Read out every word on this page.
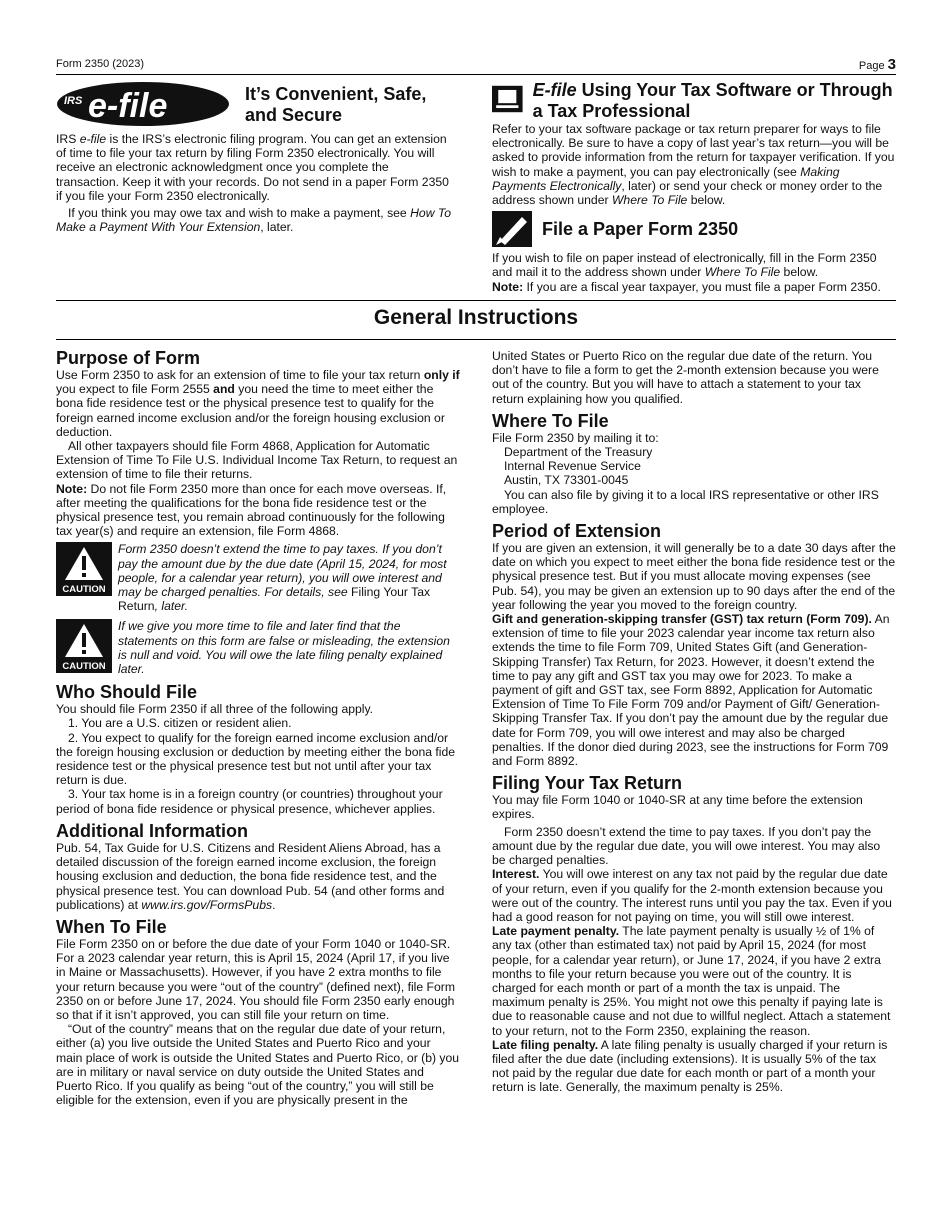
Form 2350 (2023)	Page 3
IRS e-file	It’s Convenient, Safe, and Secure

IRS e-file is the IRS’s electronic filing program. You can get an extension of time to file your tax return by filing Form 2350 electronically. You will receive an electronic acknowledgment once you complete the transaction. Keep it with your records. Do not send in a paper Form 2350 if you file your Form 2350 electronically.

If you think you may owe tax and wish to make a payment, see How To Make a Payment With Your Extension, later.

E-file Using Your Tax Software or Through a Tax Professional

Refer to your tax software package or tax return preparer for ways to file electronically. Be sure to have a copy of last year’s tax return—you will be asked to provide information from the return for taxpayer verification. If you wish to make a payment, you can pay electronically (see Making Payments Electronically, later) or send your check or money order to the address shown under Where To File below.

File a Paper Form 2350

If you wish to file on paper instead of electronically, fill in the Form 2350 and mail it to the address shown under Where To File below.

Note: If you are a fiscal year taxpayer, you must file a paper Form 2350.

General Instructions
Purpose of Form

Use Form 2350 to ask for an extension of time to file your tax return only if you expect to file Form 2555 and you need the time to meet either the bona fide residence test or the physical presence test to qualify for the foreign earned income exclusion and/or the foreign housing exclusion or deduction.

All other taxpayers should file Form 4868, Application for Automatic Extension of Time To File U.S. Individual Income Tax Return, to request an extension of time to file their returns.

Note: Do not file Form 2350 more than once for each move overseas. If, after meeting the qualifications for the bona fide residence test or the physical presence test, you remain abroad continuously for the following tax year(s) and require an extension, file Form 4868.

CAUTION

Form 2350 doesn’t extend the time to pay taxes. If you don’t pay the amount due by the due date (April 15, 2024, for most people, for a calendar year return), you will owe interest and may be charged penalties. For details, see Filing Your Tax Return, later.

CAUTION

If we give you more time to file and later find that the statements on this form are false or misleading, the extension is null and void. You will owe the late filing penalty explained later.

Who Should File

You should file Form 2350 if all three of the following apply.

1. You are a U.S. citizen or resident alien.

2. You expect to qualify for the foreign earned income exclusion and/or the foreign housing exclusion or deduction by meeting either the bona fide residence test or the physical presence test but not until after your tax return is due.

3. Your tax home is in a foreign country (or countries) throughout your period of bona fide residence or physical presence, whichever applies.

Additional Information

Pub. 54, Tax Guide for U.S. Citizens and Resident Aliens Abroad, has a detailed discussion of the foreign earned income exclusion, the foreign housing exclusion and deduction, the bona fide residence test, and the physical presence test. You can download Pub. 54 (and other forms and publications) at www.irs.gov/FormsPubs.

When To File

File Form 2350 on or before the due date of your Form 1040 or 1040-SR. For a 2023 calendar year return, this is April 15, 2024 (April 17, if you live in Maine or Massachusetts). However, if you have 2 extra months to file your return because you were “out of the country” (defined next), file Form 2350 on or before June 17, 2024. You should file Form 2350 early enough so that if it isn’t approved, you can still file your return on time.

“Out of the country” means that on the regular due date of your return, either (a) you live outside the United States and Puerto Rico and your main place of work is outside the United States and Puerto Rico, or (b) you are in military or naval service on duty outside the United States and Puerto Rico. If you qualify as being “out of the country,” you will still be eligible for the extension, even if you are physically present in the

United States or Puerto Rico on the regular due date of the return. You don’t have to file a form to get the 2-month extension because you were out of the country. But you will have to attach a statement to your tax return explaining how you qualified.

Where To File

File Form 2350 by mailing it to:

Department of the Treasury

Internal Revenue Service

Austin, TX 73301-0045

You can also file by giving it to a local IRS representative or other IRS employee.

Period of Extension

If you are given an extension, it will generally be to a date 30 days after the date on which you expect to meet either the bona fide residence test or the physical presence test. But if you must allocate moving expenses (see Pub. 54), you may be given an extension up to 90 days after the end of the year following the year you moved to the foreign country.

Gift and generation-skipping transfer (GST) tax return (Form 709). An extension of time to file your 2023 calendar year income tax return also extends the time to file Form 709, United States Gift (and Generation-Skipping Transfer) Tax Return, for 2023. However, it doesn’t extend the time to pay any gift and GST tax you may owe for 2023. To make a payment of gift and GST tax, see Form 8892, Application for Automatic Extension of Time To File Form 709 and/or Payment of Gift/ Generation-Skipping Transfer Tax. If you don’t pay the amount due by the regular due date for Form 709, you will owe interest and may also be charged penalties. If the donor died during 2023, see the instructions for Form 709 and Form 8892.

Filing Your Tax Return

You may file Form 1040 or 1040-SR at any time before the extension expires.

Form 2350 doesn’t extend the time to pay taxes. If you don’t pay the amount due by the regular due date, you will owe interest. You may also be charged penalties.

Interest. You will owe interest on any tax not paid by the regular due date of your return, even if you qualify for the 2-month extension because you were out of the country. The interest runs until you pay the tax. Even if you had a good reason for not paying on time, you will still owe interest.

Late payment penalty. The late payment penalty is usually ½ of 1% of any tax (other than estimated tax) not paid by April 15, 2024 (for most people, for a calendar year return), or June 17, 2024, if you have 2 extra months to file your return because you were out of the country. It is charged for each month or part of a month the tax is unpaid. The maximum penalty is 25%. You might not owe this penalty if paying late is due to reasonable cause and not due to willful neglect. Attach a statement to your return, not to the Form 2350, explaining the reason.

Late filing penalty. A late filing penalty is usually charged if your return is filed after the due date (including extensions). It is usually 5% of the tax not paid by the regular due date for each month or part of a month your return is late. Generally, the maximum penalty is 25%.
